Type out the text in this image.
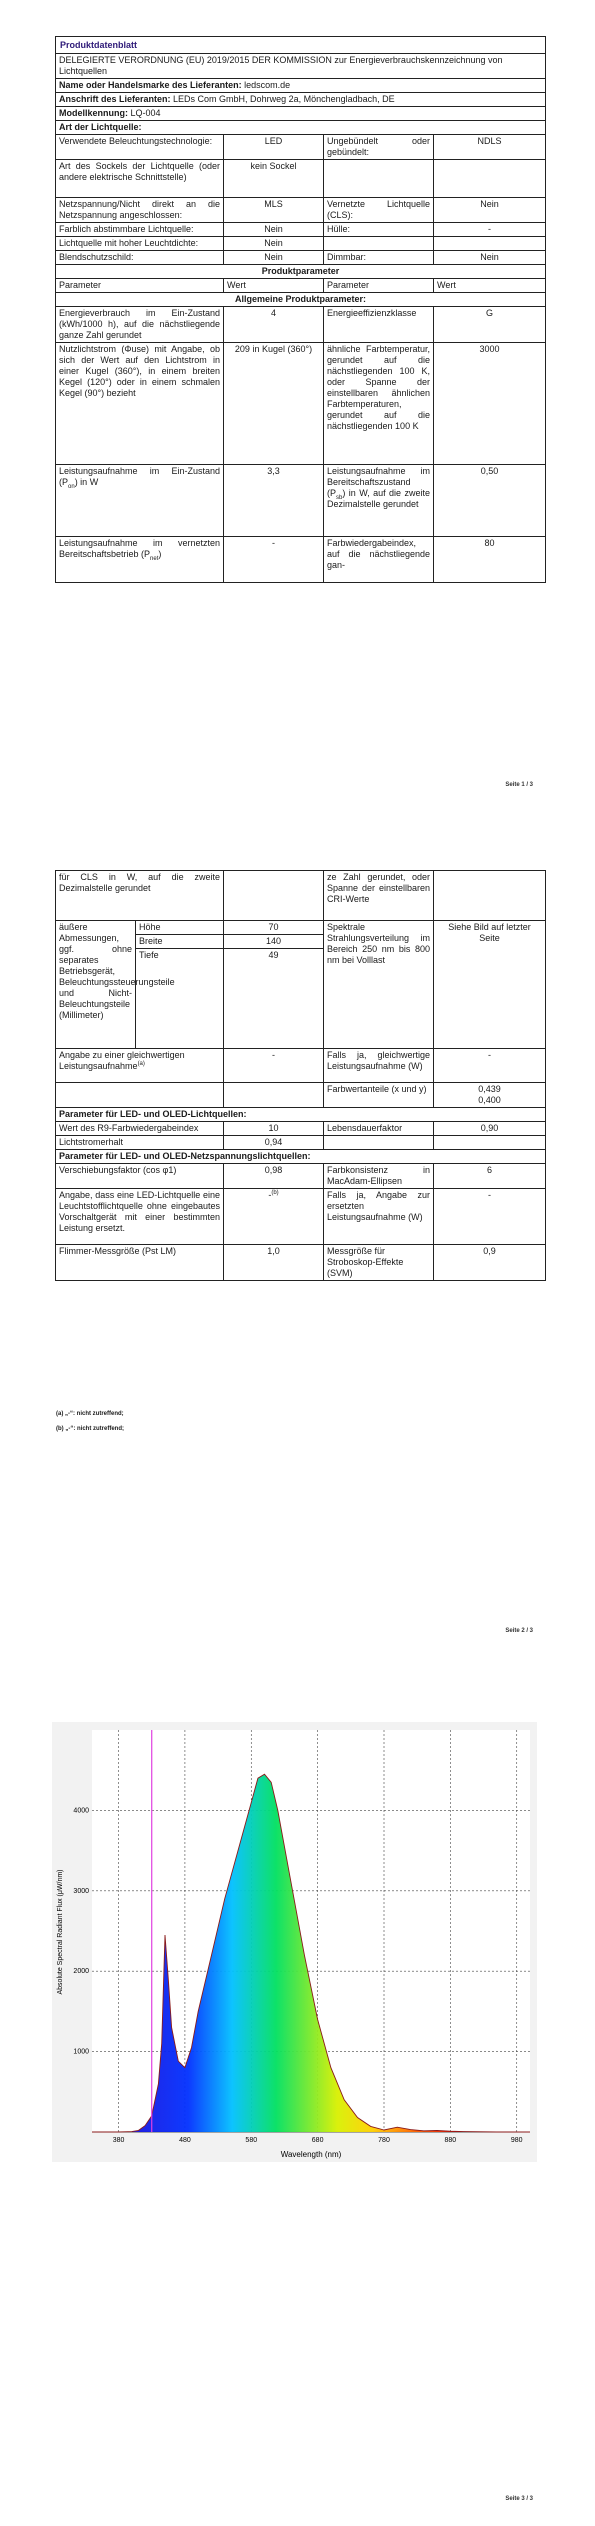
Produktdatenblatt			
DELEGIERTE VERORDNUNG (EU) 2019/2015 DER KOMMISSION zur Energieverbrauchskennzeichnung von Lichtquellen			
Name oder Handelsmarke des Lieferanten: ledscom.de			
Anschrift des Lieferanten: LEDs Com GmbH, Dohrweg 2a, Mönchengladbach, DE			
Modellkennung: LQ-004			
Art der Lichtquelle:			
Verwendete Beleuchtungstechnologie:	LED	Ungebündelt oder gebündelt:	NDLS
Art des Sockels der Lichtquelle (oder andere elektrische Schnittstelle)	kein Sockel		
Netzspannung/Nicht direkt an die Netzspannung angeschlossen:	MLS	Vernetzte Lichtquelle (CLS):	Nein
Farblich abstimmbare Lichtquelle:	Nein	Hülle:	-
Lichtquelle mit hoher Leuchtdichte:	Nein		
Blendschutzschild:	Nein	Dimmbar:	Nein
Produktparameter			
Parameter	Wert	Parameter	Wert
Allgemeine Produktparameter:			
Energieverbrauch im Ein-Zustand (kWh/1000 h), auf die nächstliegende ganze Zahl gerundet	4	Energieeffizienzklasse	G
Nutzlichtstrom (Φuse) mit Angabe, ob sich der Wert auf den Lichtstrom in einer Kugel (360°), in einem breiten Kegel (120°) oder in einem schmalen Kegel (90°) bezieht	209 in Kugel (360°)	ähnliche Farbtemperatur, gerundet auf die nächstliegenden 100 K, oder Spanne der einstellbaren ähnlichen Farbtemperaturen, gerundet auf die nächstliegenden 100 K	3000
Leistungsaufnahme im Ein-Zustand $(P_{on})$ in W	3,3	Leistungsaufnahme im Bereitschaftszustand $(P_{sb})$ in W, auf die zweite Dezimalstelle gerundet	0,50
Leistungsaufnahme im vernetzten Bereitschaftsbetrieb $(P_{net})$	-	Farbwiedergabeindex, auf die nächstliegende gan-	80
Seite 1 / 3
für CLS in W, auf die zweite Dezimalstelle gerundet			ze Zahl gerundet, oder Spanne der einstellbaren CRI-Werte	
äußere Abmessungen, ggf. ohne separates Betriebsgerät, Beleuchtungssteuerungsteile und Nicht-Beleuchtungsteile (Millimeter)	Höhe	70	Spektrale Strahlungsverteilung im Bereich 250 nm bis 800 nm bei Volllast	Siehe Bild auf letzter Seite
	Breite	140		
	Tiefe	49		
Angabe zu einer gleichwertigen Leistungsaufnahme$^{(a)}$		-	Falls ja, gleichwertige Leistungsaufnahme (W)	-
			Farbwertanteile (x und y)	0,439
0,400

Parameter für LED- und OLED-Lichtquellen:				
Wert des R9-Farbwiedergabeindex		10	Lebensdauerfaktor	0,90
Lichtstromerhalt		0,94		
Parameter für LED- und OLED-Netzspannungslichtquellen:				
Verschiebungsfaktor (cos φ1)		0,98	Farbkonsistenz in MacAdam-Ellipsen	6
Angabe, dass eine LED-Lichtquelle eine Leuchtstofflichtquelle ohne eingebautes Vorschaltgerät mit einer bestimmten Leistung ersetzt.		-$^{(b)}$	Falls ja, Angabe zur ersetzten Leistungsaufnahme (W)	-
Flimmer-Messgröße (Pst LM)		1,0	Messgröße für Stroboskop-Effekte (SVM)	0,9
(a) „-“: nicht zutreffend;
(b) „-“: nicht zutreffend;
Seite 2 / 3
380	480	580	680	780	880	980
1000
2000
3000
4000
Wavelength (nm)
Absolute Spectral Radiant Flux (μW/nm)
Seite 3 / 3
